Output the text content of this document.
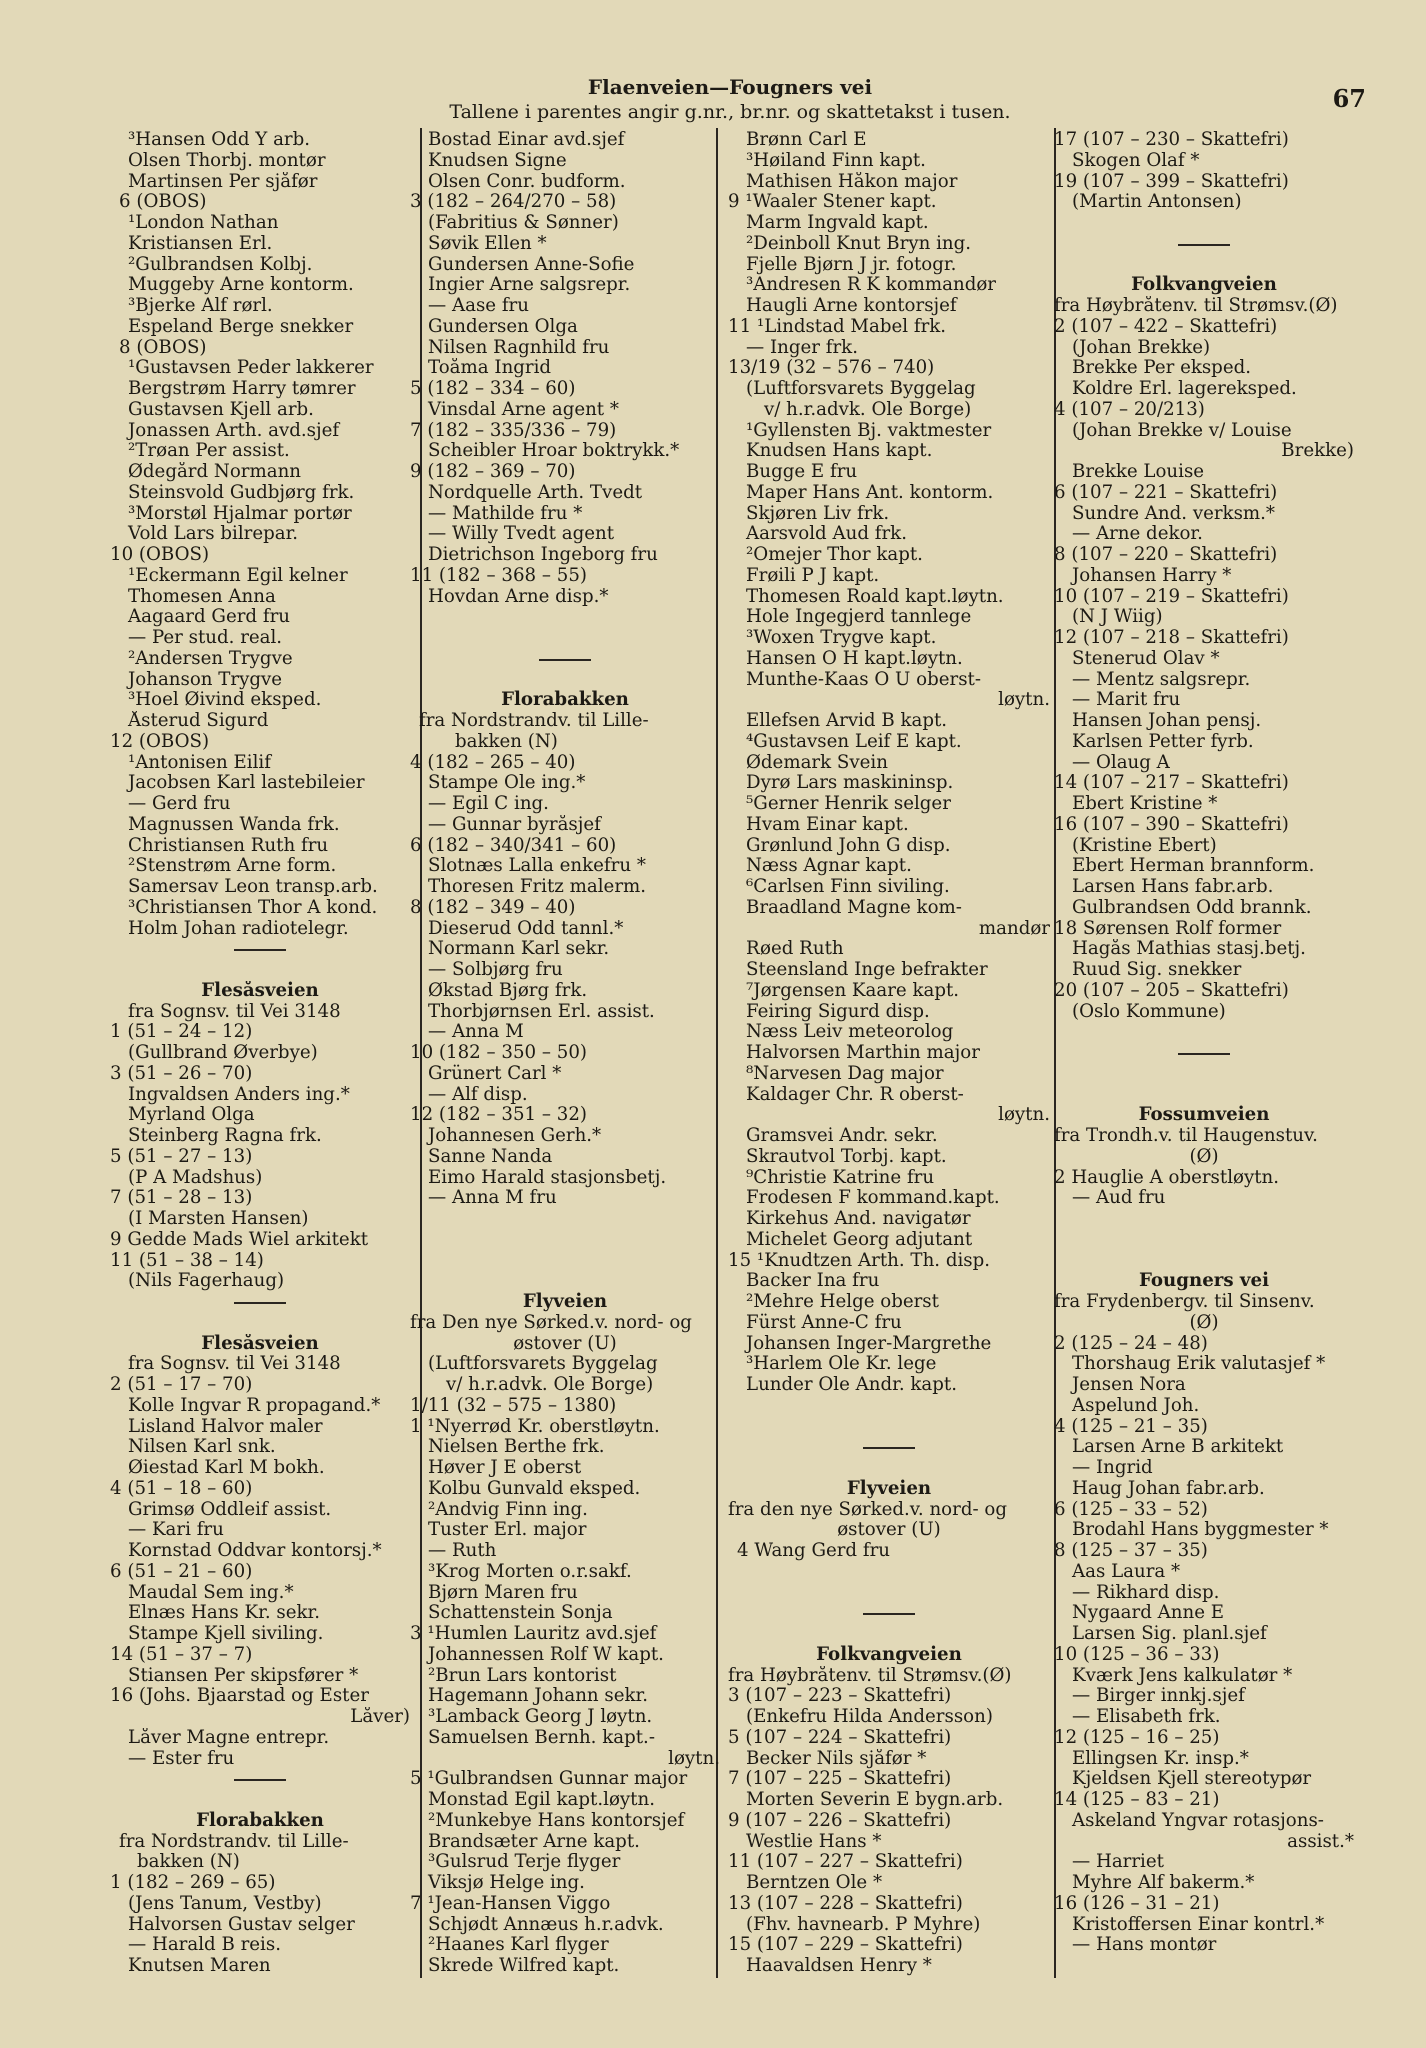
Flaenveien—Fougners vei
Tallene i parentes angir g.nr., br.nr. og skattetakst i tusen.	67
³Hansen Odd Y arb.
Olsen Thorbj. montør
Martinsen Per sjåfør
6 (OBOS)
¹London Nathan
Kristiansen Erl.
²Gulbrandsen Kolbj.
Muggeby Arne kontorm.
³Bjerke Alf rørl.
Espeland Berge snekker
8 (OBOS)
¹Gustavsen Peder lakkerer
Bergstrøm Harry tømrer
Gustavsen Kjell arb.
Jonassen Arth. avd.sjef
²Trøan Per assist.
Ødegård Normann
Steinsvold Gudbjørg frk.
³Morstøl Hjalmar portør
Vold Lars bilrepar.
10 (OBOS)
¹Eckermann Egil kelner
Thomesen Anna
Aagaard Gerd fru
— Per stud. real.
²Andersen Trygve
Johanson Trygve
³Hoel Øivind eksped.
Åsterud Sigurd
12 (OBOS)
¹Antonisen Eilif
Jacobsen Karl lastebileier
— Gerd fru
Magnussen Wanda frk.
Christiansen Ruth fru
²Stenstrøm Arne form.
Samersav Leon transp.arb.
³Christiansen Thor A kond.
Holm Johan radiotelegr.
Flesåsveien
fra Sognsv. til Vei 3148
1 (51 – 24 – 12)
(Gullbrand Øverbye)
3 (51 – 26 – 70)
Ingvaldsen Anders ing.*
Myrland Olga
Steinberg Ragna frk.
5 (51 – 27 – 13)
(P A Madshus)
7 (51 – 28 – 13)
(I Marsten Hansen)
9 Gedde Mads Wiel arkitekt
11 (51 – 38 – 14)
(Nils Fagerhaug)
Flesåsveien
fra Sognsv. til Vei 3148
2 (51 – 17 – 70)
Kolle Ingvar R propagand.*
Lisland Halvor maler
Nilsen Karl snk.
Øiestad Karl M bokh.
4 (51 – 18 – 60)
Grimsø Oddleif assist.
— Kari fru
Kornstad Oddvar kontorsj.*
6 (51 – 21 – 60)
Maudal Sem ing.*
Elnæs Hans Kr. sekr.
Stampe Kjell siviling.
14 (51 – 37 – 7)
Stiansen Per skipsfører *
16 (Johs. Bjaarstad og Ester
Låver)
Låver Magne entrepr.
— Ester fru
Florabakken
fra Nordstrandv. til Lille-
bakken (N)
1 (182 – 269 – 65)
(Jens Tanum, Vestby)
Halvorsen Gustav selger
— Harald B reis.
Knutsen Maren
Bostad Einar avd.sjef
Knudsen Signe
Olsen Conr. budform.
3 (182 – 264/270 – 58)
(Fabritius & Sønner)
Søvik Ellen *
Gundersen Anne-Sofie
Ingier Arne salgsrepr.
— Aase fru
Gundersen Olga
Nilsen Ragnhild fru
Toåma Ingrid
5 (182 – 334 – 60)
Vinsdal Arne agent *
7 (182 – 335/336 – 79)
Scheibler Hroar boktrykk.*
9 (182 – 369 – 70)
Nordquelle Arth. Tvedt
— Mathilde fru *
— Willy Tvedt agent
Dietrichson Ingeborg fru
11 (182 – 368 – 55)
Hovdan Arne disp.*
Florabakken
fra Nordstrandv. til Lille-
bakken (N)
4 (182 – 265 – 40)
Stampe Ole ing.*
— Egil C ing.
— Gunnar byråsjef
6 (182 – 340/341 – 60)
Slotnæs Lalla enkefru *
Thoresen Fritz malerm.
8 (182 – 349 – 40)
Dieserud Odd tannl.*
Normann Karl sekr.
— Solbjørg fru
Økstad Bjørg frk.
Thorbjørnsen Erl. assist.
— Anna M
10 (182 – 350 – 50)
Grünert Carl *
— Alf disp.
12 (182 – 351 – 32)
Johannesen Gerh.*
Sanne Nanda
Eimo Harald stasjonsbetj.
— Anna M fru
Flyveien
fra Den nye Sørked.v. nord- og
østover (U)
(Luftforsvarets Byggelag
v/ h.r.advk. Ole Borge)
1/11 (32 – 575 – 1380)
1 ¹Nyerrød Kr. oberstløytn.
Nielsen Berthe frk.
Høver J E oberst
Kolbu Gunvald eksped.
²Andvig Finn ing.
Tuster Erl. major
— Ruth
³Krog Morten o.r.sakf.
Bjørn Maren fru
Schattenstein Sonja
3 ¹Humlen Lauritz avd.sjef
Johannessen Rolf W kapt.
²Brun Lars kontorist
Hagemann Johann sekr.
³Lamback Georg J løytn.
Samuelsen Bernh. kapt.-
løytn.
5 ¹Gulbrandsen Gunnar major
Monstad Egil kapt.løytn.
²Munkebye Hans kontorsjef
Brandsæter Arne kapt.
³Gulsrud Terje flyger
Viksjø Helge ing.
7 ¹Jean-Hansen Viggo
Schjødt Annæus h.r.advk.
²Haanes Karl flyger
Skrede Wilfred kapt.
Brønn Carl E
³Høiland Finn kapt.
Mathisen Håkon major
9 ¹Waaler Stener kapt.
Marm Ingvald kapt.
²Deinboll Knut Bryn ing.
Fjelle Bjørn J jr. fotogr.
³Andresen R K kommandør
Haugli Arne kontorsjef
11 ¹Lindstad Mabel frk.
— Inger frk.
13/19 (32 – 576 – 740)
(Luftforsvarets Byggelag
v/ h.r.advk. Ole Borge)
¹Gyllensten Bj. vaktmester
Knudsen Hans kapt.
Bugge E fru
Maper Hans Ant. kontorm.
Skjøren Liv frk.
Aarsvold Aud frk.
²Omejer Thor kapt.
Frøili P J kapt.
Thomesen Roald kapt.løytn.
Hole Ingegjerd tannlege
³Woxen Trygve kapt.
Hansen O H kapt.løytn.
Munthe-Kaas O U oberst-
løytn.
Ellefsen Arvid B kapt.
⁴Gustavsen Leif E kapt.
Ødemark Svein
Dyrø Lars maskininsp.
⁵Gerner Henrik selger
Hvam Einar kapt.
Grønlund John G disp.
Næss Agnar kapt.
⁶Carlsen Finn siviling.
Braadland Magne kom-
mandør
Røed Ruth
Steensland Inge befrakter
⁷Jørgensen Kaare kapt.
Feiring Sigurd disp.
Næss Leiv meteorolog
Halvorsen Marthin major
⁸Narvesen Dag major
Kaldager Chr. R oberst-
løytn.
Gramsvei Andr. sekr.
Skrautvol Torbj. kapt.
⁹Christie Katrine fru
Frodesen F kommand.kapt.
Kirkehus And. navigatør
Michelet Georg adjutant
15 ¹Knudtzen Arth. Th. disp.
Backer Ina fru
²Mehre Helge oberst
Fürst Anne-C fru
Johansen Inger-Margrethe
³Harlem Ole Kr. lege
Lunder Ole Andr. kapt.
Flyveien
fra den nye Sørked.v. nord- og
østover (U)
4 Wang Gerd fru
Folkvangveien
fra Høybråtenv. til Strømsv.(Ø)
3 (107 – 223 – Skattefri)
(Enkefru Hilda Andersson)
5 (107 – 224 – Skattefri)
Becker Nils sjåfør *
7 (107 – 225 – Skattefri)
Morten Severin E bygn.arb.
9 (107 – 226 – Skattefri)
Westlie Hans *
11 (107 – 227 – Skattefri)
Berntzen Ole *
13 (107 – 228 – Skattefri)
(Fhv. havnearb. P Myhre)
15 (107 – 229 – Skattefri)
Haavaldsen Henry *
17 (107 – 230 – Skattefri)
Skogen Olaf *
19 (107 – 399 – Skattefri)
(Martin Antonsen)
Folkvangveien
fra Høybråtenv. til Strømsv.(Ø)
2 (107 – 422 – Skattefri)
(Johan Brekke)
Brekke Per eksped.
Koldre Erl. lagereksped.
4 (107 – 20/213)
(Johan Brekke v/ Louise
Brekke)
Brekke Louise
6 (107 – 221 – Skattefri)
Sundre And. verksm.*
— Arne dekor.
8 (107 – 220 – Skattefri)
Johansen Harry *
10 (107 – 219 – Skattefri)
(N J Wiig)
12 (107 – 218 – Skattefri)
Stenerud Olav *
— Mentz salgsrepr.
— Marit fru
Hansen Johan pensj.
Karlsen Petter fyrb.
— Olaug A
14 (107 – 217 – Skattefri)
Ebert Kristine *
16 (107 – 390 – Skattefri)
(Kristine Ebert)
Ebert Herman brannform.
Larsen Hans fabr.arb.
Gulbrandsen Odd brannk.
18 Sørensen Rolf former
Hagås Mathias stasj.betj.
Ruud Sig. snekker
20 (107 – 205 – Skattefri)
(Oslo Kommune)
Fossumveien
fra Trondh.v. til Haugenstuv.
(Ø)
2 Hauglie A oberstløytn.
— Aud fru
Fougners vei
fra Frydenbergv. til Sinsenv.
(Ø)
2 (125 – 24 – 48)
Thorshaug Erik valutasjef *
Jensen Nora
Aspelund Joh.
4 (125 – 21 – 35)
Larsen Arne B arkitekt
— Ingrid
Haug Johan fabr.arb.
6 (125 – 33 – 52)
Brodahl Hans byggmester *
8 (125 – 37 – 35)
Aas Laura *
— Rikhard disp.
Nygaard Anne E
Larsen Sig. planl.sjef
10 (125 – 36 – 33)
Kværk Jens kalkulatør *
— Birger innkj.sjef
— Elisabeth frk.
12 (125 – 16 – 25)
Ellingsen Kr. insp.*
Kjeldsen Kjell stereotypør
14 (125 – 83 – 21)
Askeland Yngvar rotasjons-
assist.*
— Harriet
Myhre Alf bakerm.*
16 (126 – 31 – 21)
Kristoffersen Einar kontrl.*
— Hans montør
